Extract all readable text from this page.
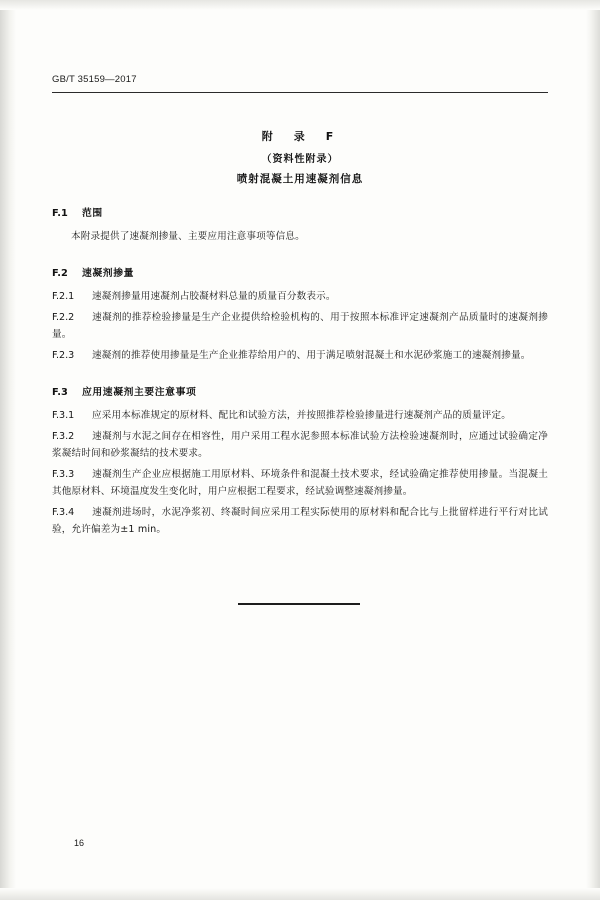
GB/T 35159—2017
附　录　F
（资料性附录）
喷射混凝土用速凝剂信息
F.1 范围

本附录提供了速凝剂掺量、主要应用注意事项等信息。

F.2 速凝剂掺量

F.2.1 速凝剂掺量用速凝剂占胶凝材料总量的质量百分数表示。

F.2.2 速凝剂的推荐检验掺量是生产企业提供给检验机构的、用于按照本标准评定速凝剂产品质量时的速凝剂掺量。

F.2.3 速凝剂的推荐使用掺量是生产企业推荐给用户的、用于满足喷射混凝土和水泥砂浆施工的速凝剂掺量。

F.3 应用速凝剂主要注意事项

F.3.1 应采用本标准规定的原材料、配比和试验方法，并按照推荐检验掺量进行速凝剂产品的质量评定。

F.3.2 速凝剂与水泥之间存在相容性，用户采用工程水泥参照本标准试验方法检验速凝剂时，应通过试验确定净浆凝结时间和砂浆凝结的技术要求。

F.3.3 速凝剂生产企业应根据施工用原材料、环境条件和混凝土技术要求，经试验确定推荐使用掺量。当混凝土其他原材料、环境温度发生变化时，用户应根据工程要求，经试验调整速凝剂掺量。

F.3.4 速凝剂进场时，水泥净浆初、终凝时间应采用工程实际使用的原材料和配合比与上批留样进行平行对比试验，允许偏差为±1 min。

16
